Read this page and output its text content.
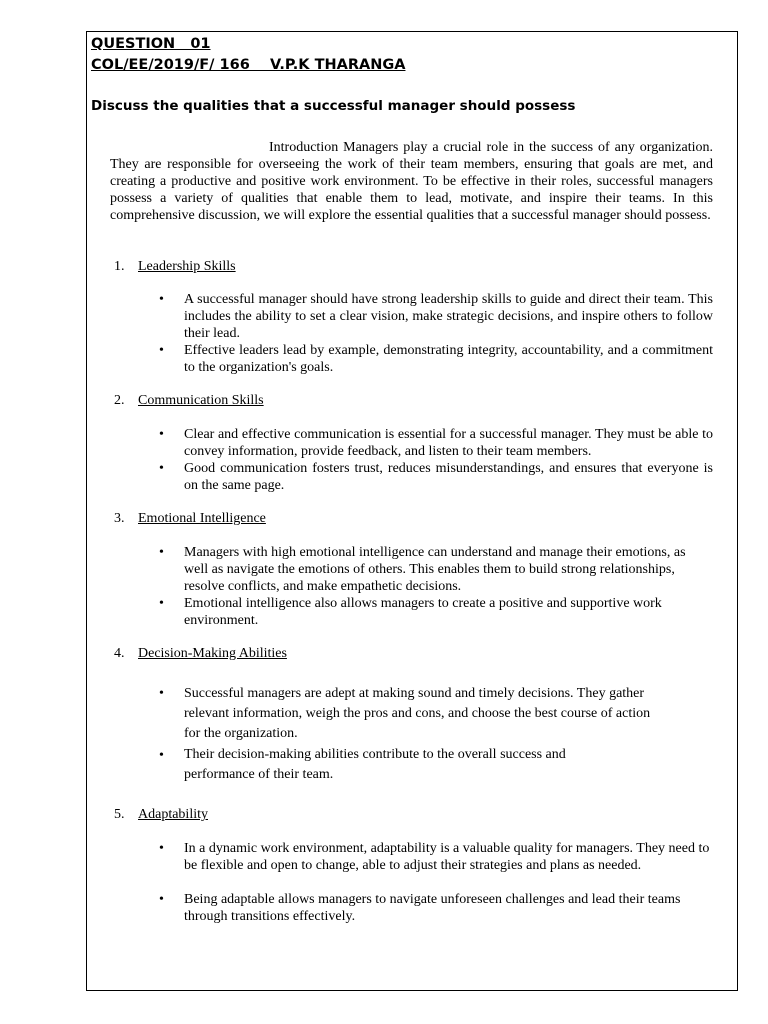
QUESTION   01
COL/EE/2019/F/ 166    V.P.K THARANGA
Discuss the qualities that a successful manager should possess

Introduction Managers play a crucial role in the success of any organization. They are responsible for overseeing the work of their team members, ensuring that goals are met, and creating a productive and positive work environment. To be effective in their roles, successful managers possess a variety of qualities that enable them to lead, motivate, and inspire their teams. In this comprehensive discussion, we will explore the essential qualities that a successful manager should possess.

1. Leadership Skills
• A successful manager should have strong leadership skills to guide and direct their team. This includes the ability to set a clear vision, make strategic decisions, and inspire others to follow their lead.

• Effective leaders lead by example, demonstrating integrity, accountability, and a commitment to the organization's goals.

2. Communication Skills
• Clear and effective communication is essential for a successful manager. They must be able to convey information, provide feedback, and listen to their team members.

• Good communication fosters trust, reduces misunderstandings, and ensures that everyone is on the same page.

3. Emotional Intelligence
• Managers with high emotional intelligence can understand and manage their emotions, as well as navigate the emotions of others. This enables them to build strong relationships, resolve conflicts, and make empathetic decisions.

• Emotional intelligence also allows managers to create a positive and supportive work environment.

4. Decision-Making Abilities
• Successful managers are adept at making sound and timely decisions. They gather relevant information, weigh the pros and cons, and choose the best course of action for the organization.

• Their decision-making abilities contribute to the overall success and performance of their team.

5. Adaptability
• In a dynamic work environment, adaptability is a valuable quality for managers. They need to be flexible and open to change, able to adjust their strategies and plans as needed.

• Being adaptable allows managers to navigate unforeseen challenges and lead their teams through transitions effectively.
